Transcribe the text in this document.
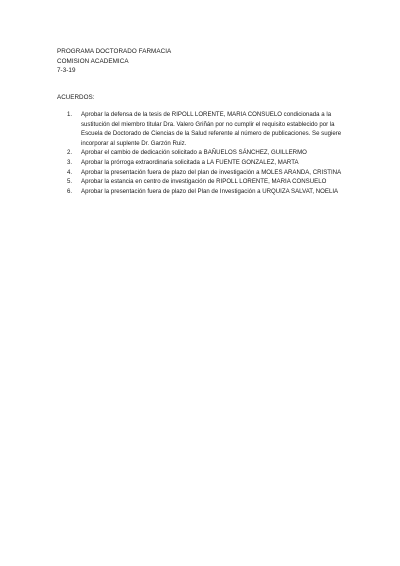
PROGRAMA DOCTORADO FARMACIA
COMISION ACADEMICA
7-3-19
ACUERDOS:
1. Aprobar la defensa de la tesis de RIPOLL LORENTE, MARIA CONSUELO condicionada a la sustitución del miembro titular Dra. Valero Griñán por no cumplir el requisito establecido por la Escuela de Doctorado de Ciencias de la Salud referente al número de publicaciones. Se sugiere incorporar al suplente Dr. Garzón Ruiz.
2. Aprobar el cambio de dedicación solicitado a BAÑUELOS SÁNCHEZ, GUILLERMO
3. Aprobar la prórroga extraordinaria solicitada a LA FUENTE GONZALEZ, MARTA
4. Aprobar la presentación fuera de plazo del plan de investigación a MOLES ARANDA, CRISTINA
5. Aprobar la estancia en centro de investigación de RIPOLL LORENTE, MARIA CONSUELO
6. Aprobar la presentación fuera de plazo del Plan de Investigación a URQUIZA SALVAT, NOELIA
